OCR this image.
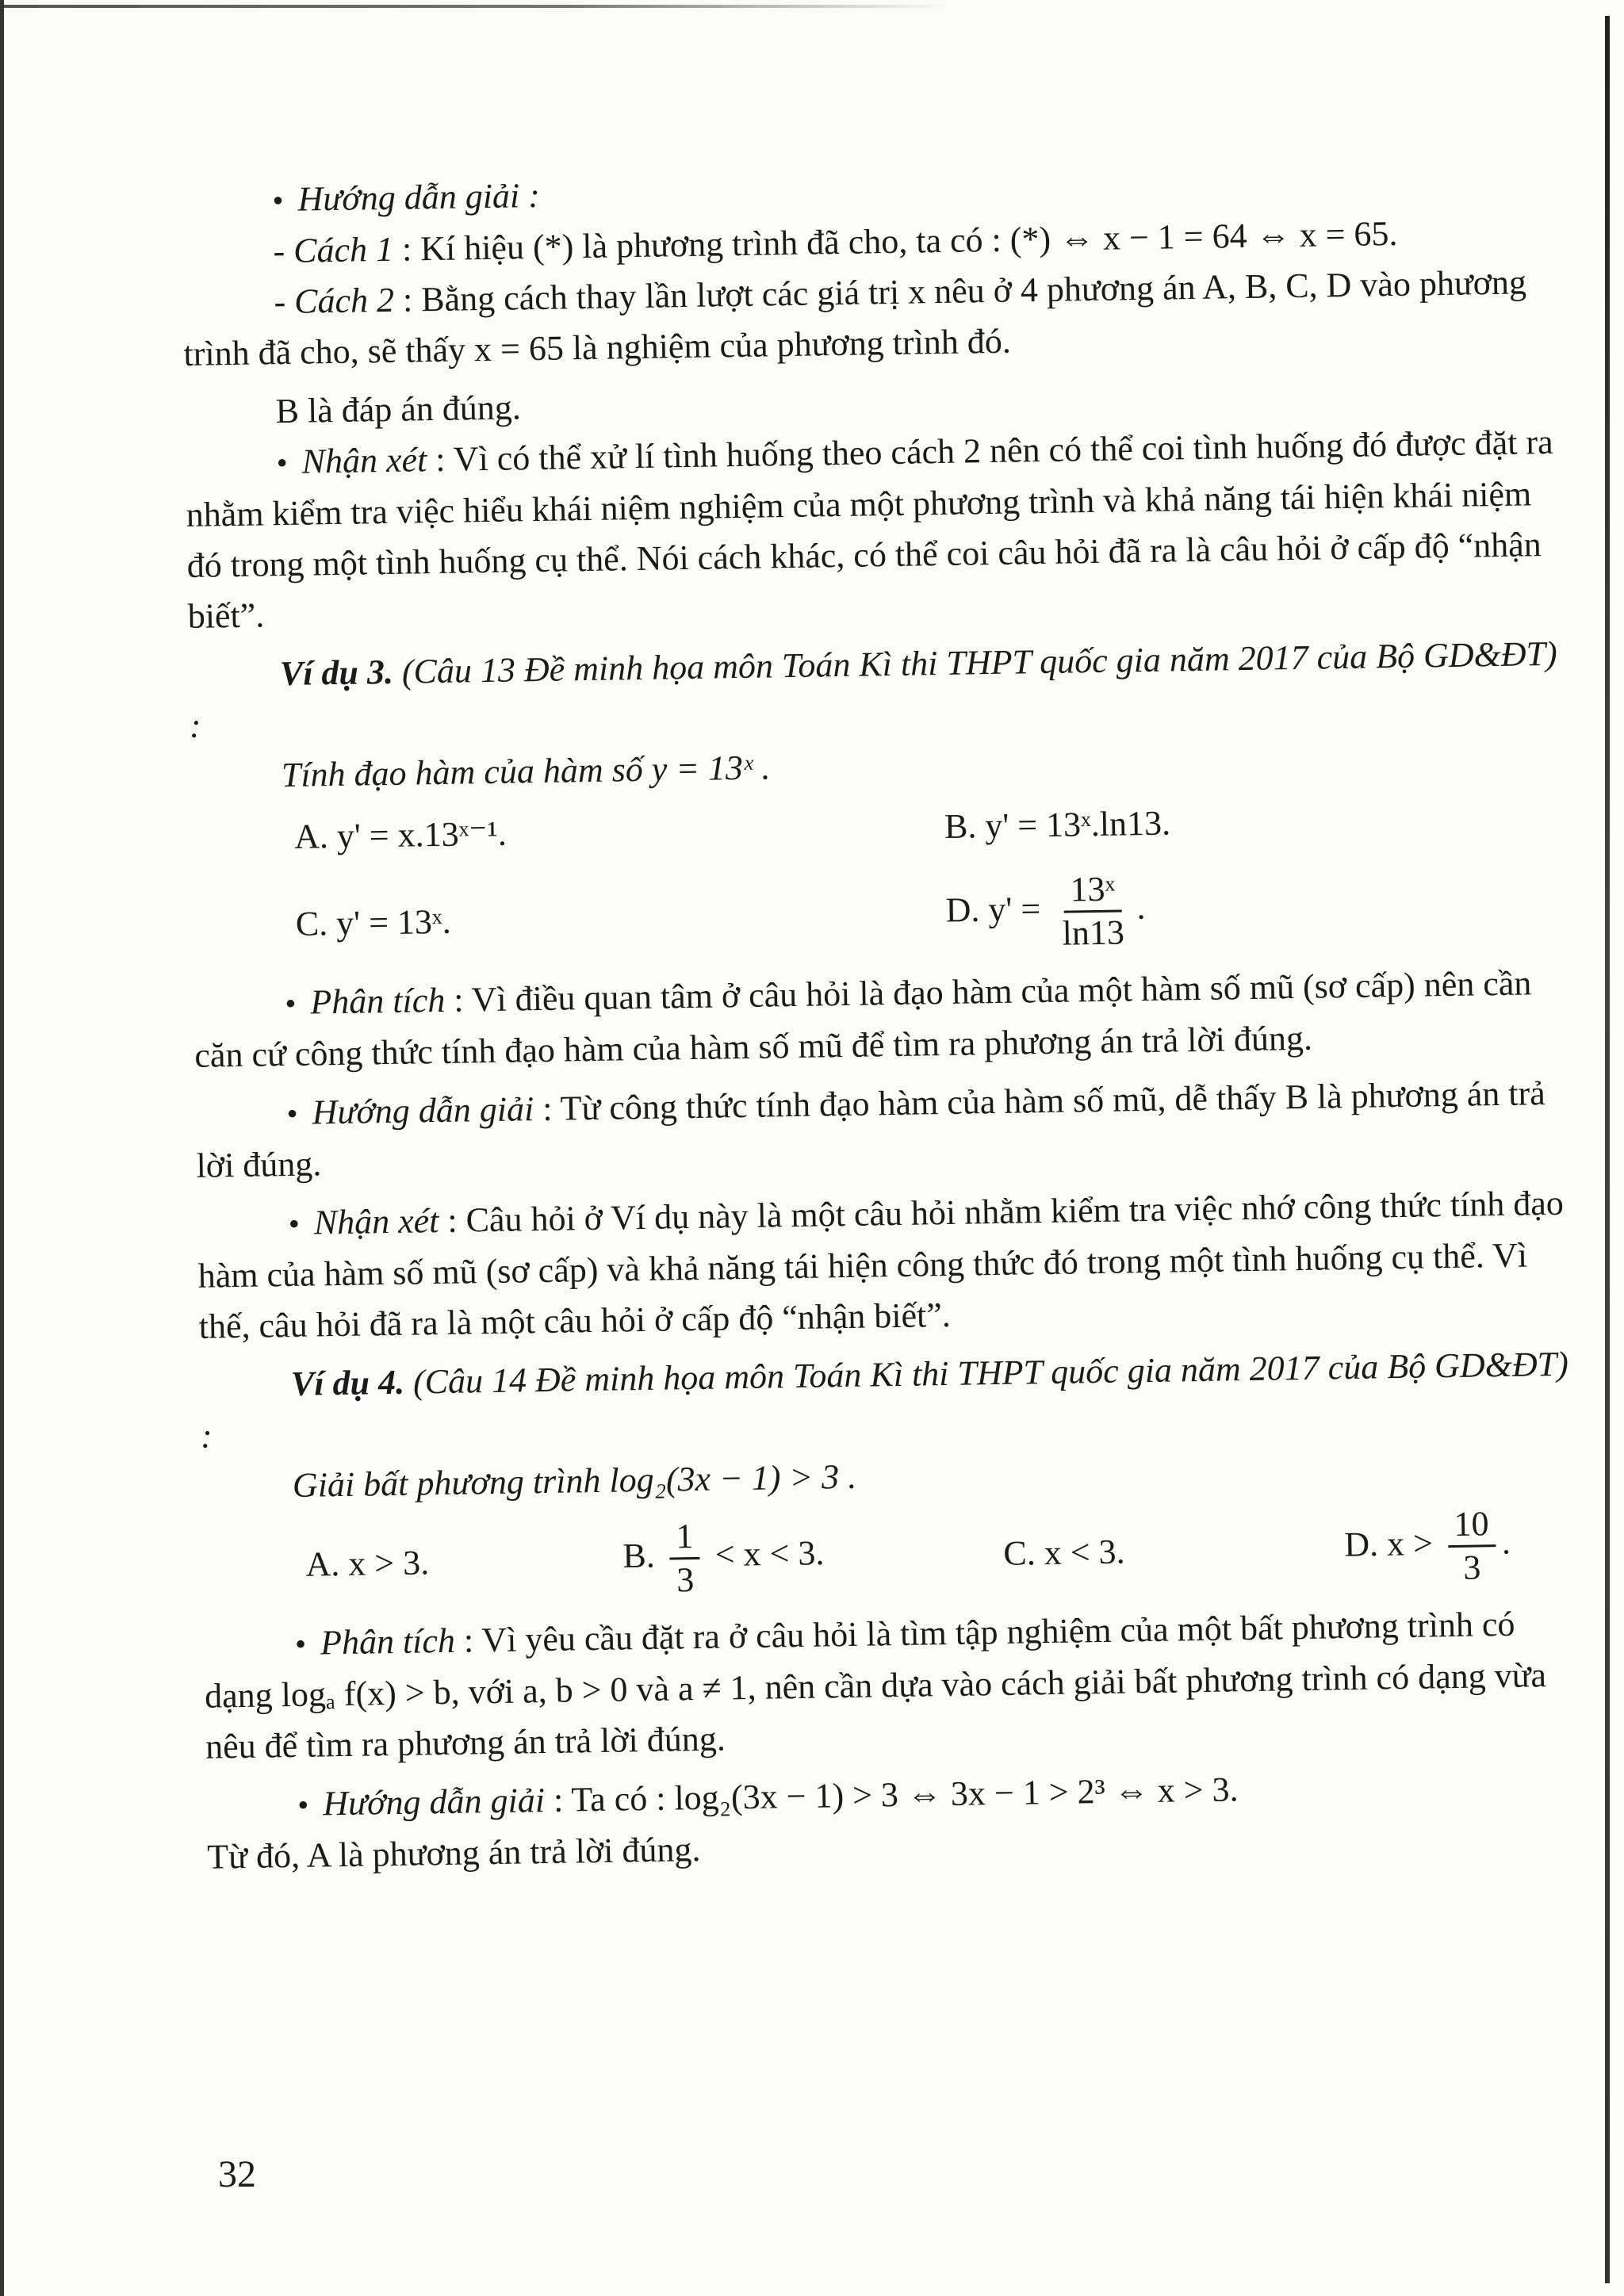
• Hướng dẫn giải :

- Cách 1 : Kí hiệu (*) là phương trình đã cho, ta có : (*) ⇔ x − 1 = 64 ⇔ x = 65.

- Cách 2 : Bằng cách thay lần lượt các giá trị x nêu ở 4 phương án A, B, C, D vào phương trình đã cho, sẽ thấy x = 65 là nghiệm của phương trình đó.

B là đáp án đúng.

• Nhận xét : Vì có thể xử lí tình huống theo cách 2 nên có thể coi tình huống đó được đặt ra nhằm kiểm tra việc hiểu khái niệm nghiệm của một phương trình và khả năng tái hiện khái niệm đó trong một tình huống cụ thể. Nói cách khác, có thể coi câu hỏi đã ra là câu hỏi ở cấp độ “nhận biết”.

Ví dụ 3. (Câu 13 Đề minh họa môn Toán Kì thi THPT quốc gia năm 2017 của Bộ GD&ĐT) :

Tính đạo hàm của hàm số y = 13ˣ .

A. y' = x.13ˣ⁻¹.	B. y' = 13ˣ.ln13.
C. y' = 13ˣ.	D. $y' = \frac{\text{13ˣ}}{\ln 13}$ .

• Phân tích : Vì điều quan tâm ở câu hỏi là đạo hàm của một hàm số mũ (sơ cấp) nên cần căn cứ công thức tính đạo hàm của hàm số mũ để tìm ra phương án trả lời đúng.

• Hướng dẫn giải : Từ công thức tính đạo hàm của hàm số mũ, dễ thấy B là phương án trả lời đúng.

• Nhận xét : Câu hỏi ở Ví dụ này là một câu hỏi nhằm kiểm tra việc nhớ công thức tính đạo hàm của hàm số mũ (sơ cấp) và khả năng tái hiện công thức đó trong một tình huống cụ thể. Vì thế, câu hỏi đã ra là một câu hỏi ở cấp độ “nhận biết”.

Ví dụ 4. (Câu 14 Đề minh họa môn Toán Kì thi THPT quốc gia năm 2017 của Bộ GD&ĐT) :

Giải bất phương trình log₂(3x − 1) > 3 .

A. x > 3.	B. $\frac{1}{3} < x < 3$.	C. x < 3.	D. $x > \frac{10}{3}$ .

• Phân tích : Vì yêu cầu đặt ra ở câu hỏi là tìm tập nghiệm của một bất phương trình có dạng logₐ f(x) > b, với a, b > 0 và a ≠ 1, nên cần dựa vào cách giải bất phương trình có dạng vừa nêu để tìm ra phương án trả lời đúng.

• Hướng dẫn giải : Ta có : log₂(3x − 1) > 3 ⇔ 3x − 1 > 2³ ⇔ x > 3.

Từ đó, A là phương án trả lời đúng.

32
